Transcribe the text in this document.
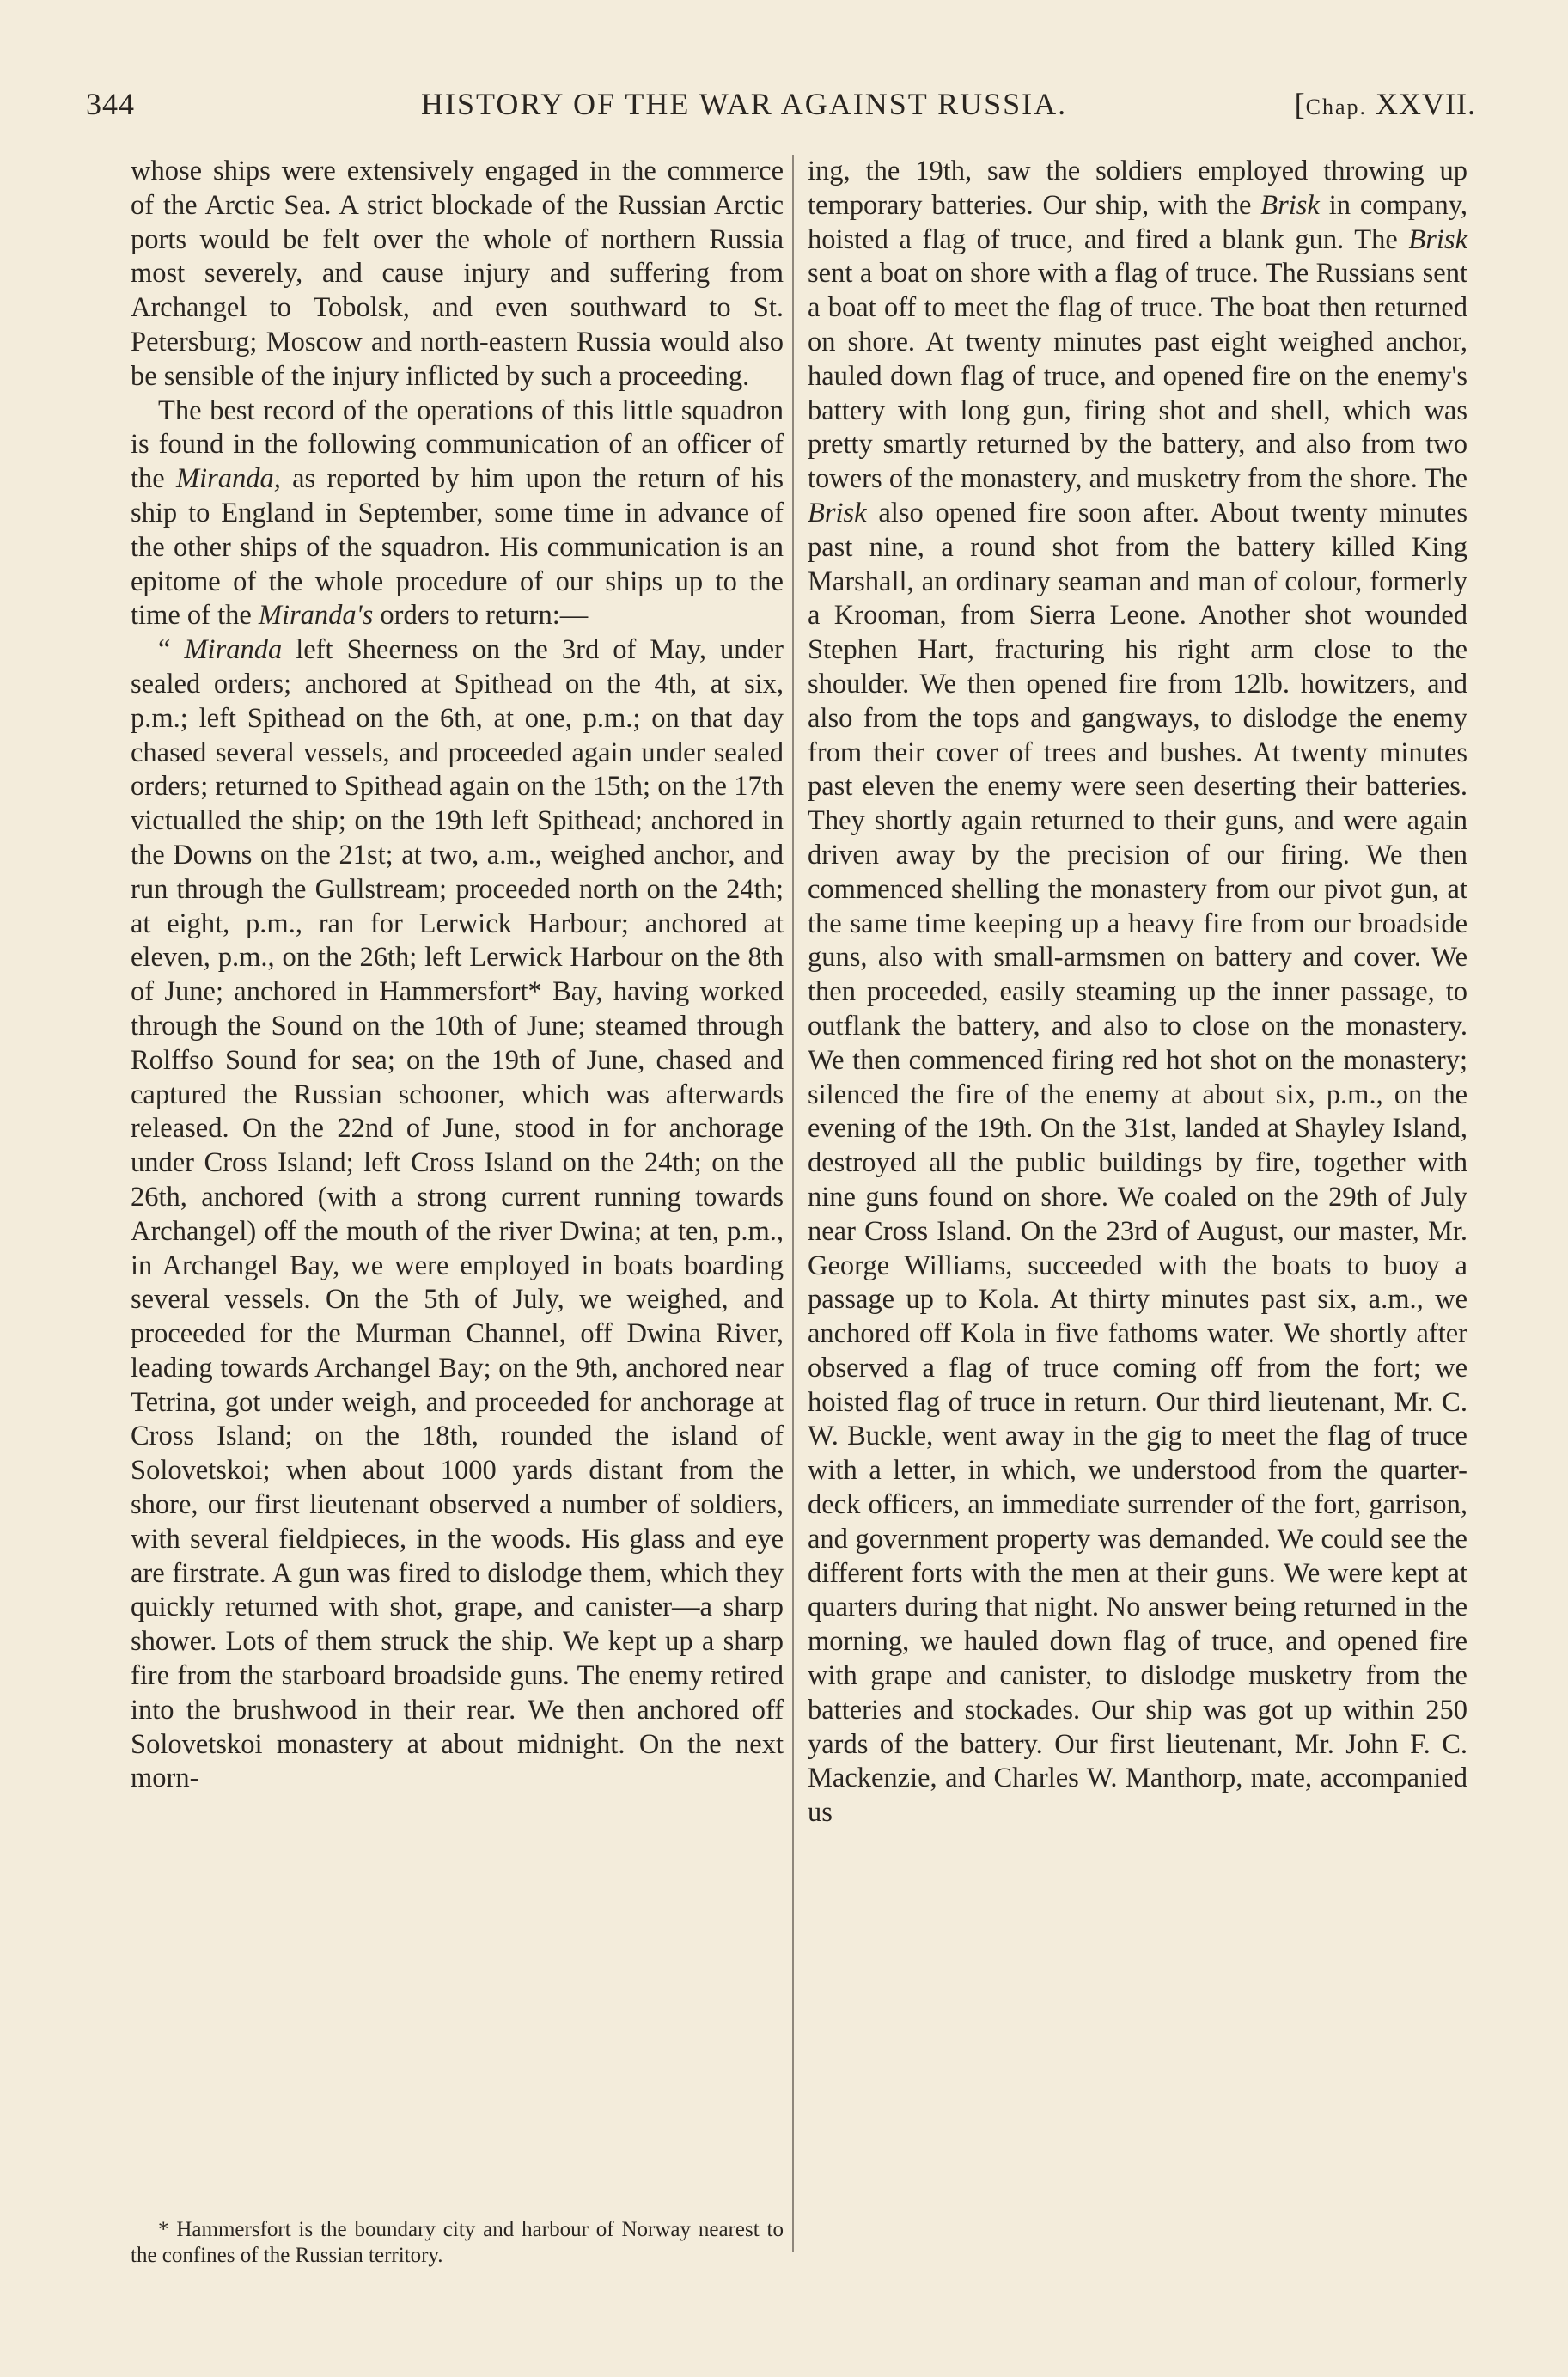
344	HISTORY OF THE WAR AGAINST RUSSIA.	[Chap. XXVII.

whose ships were extensively engaged in the commerce of the Arctic Sea. A strict blockade of the Russian Arctic ports would be felt over the whole of northern Russia most severely, and cause injury and suffering from Archangel to Tobolsk, and even southward to St. Petersburg; Moscow and north-eastern Russia would also be sensible of the injury inflicted by such a proceeding.

The best record of the operations of this little squadron is found in the following communication of an officer of the Miranda, as reported by him upon the return of his ship to England in September, some time in advance of the other ships of the squadron. His communication is an epitome of the whole procedure of our ships up to the time of the Miranda's orders to return:—

“ Miranda left Sheerness on the 3rd of May, under sealed orders; anchored at Spithead on the 4th, at six, p.m.; left Spithead on the 6th, at one, p.m.; on that day chased several vessels, and proceeded again under sealed orders; returned to Spithead again on the 15th; on the 17th victualled the ship; on the 19th left Spithead; anchored in the Downs on the 21st; at two, a.m., weighed anchor, and run through the Gullstream; proceeded north on the 24th; at eight, p.m., ran for Lerwick Harbour; anchored at eleven, p.m., on the 26th; left Lerwick Harbour on the 8th of June; anchored in Hammersfort* Bay, having worked through the Sound on the 10th of June; steamed through Rolffso Sound for sea; on the 19th of June, chased and captured the Russian schooner, which was afterwards released. On the 22nd of June, stood in for anchorage under Cross Island; left Cross Island on the 24th; on the 26th, anchored (with a strong current running towards Archangel) off the mouth of the river Dwina; at ten, p.m., in Archangel Bay, we were employed in boats boarding several vessels. On the 5th of July, we weighed, and proceeded for the Murman Channel, off Dwina River, leading towards Archangel Bay; on the 9th, anchored near Tetrina, got under weigh, and proceeded for anchorage at Cross Island; on the 18th, rounded the island of Solovetskoi; when about 1000 yards distant from the shore, our first lieutenant observed a number of soldiers, with several fieldpieces, in the woods. His glass and eye are firstrate. A gun was fired to dislodge them, which they quickly returned with shot, grape, and canister—a sharp shower. Lots of them struck the ship. We kept up a sharp fire from the starboard broadside guns. The enemy retired into the brushwood in their rear. We then anchored off Solovetskoi monastery at about midnight. On the next morn-

* Hammersfort is the boundary city and harbour of Norway nearest to the confines of the Russian territory.

ing, the 19th, saw the soldiers employed throwing up temporary batteries. Our ship, with the Brisk in company, hoisted a flag of truce, and fired a blank gun. The Brisk sent a boat on shore with a flag of truce. The Russians sent a boat off to meet the flag of truce. The boat then returned on shore. At twenty minutes past eight weighed anchor, hauled down flag of truce, and opened fire on the enemy's battery with long gun, firing shot and shell, which was pretty smartly returned by the battery, and also from two towers of the monastery, and musketry from the shore. The Brisk also opened fire soon after. About twenty minutes past nine, a round shot from the battery killed King Marshall, an ordinary seaman and man of colour, formerly a Krooman, from Sierra Leone. Another shot wounded Stephen Hart, fracturing his right arm close to the shoulder. We then opened fire from 12lb. howitzers, and also from the tops and gangways, to dislodge the enemy from their cover of trees and bushes. At twenty minutes past eleven the enemy were seen deserting their batteries. They shortly again returned to their guns, and were again driven away by the precision of our firing. We then commenced shelling the monastery from our pivot gun, at the same time keeping up a heavy fire from our broadside guns, also with small-armsmen on battery and cover. We then proceeded, easily steaming up the inner passage, to outflank the battery, and also to close on the monastery. We then commenced firing red hot shot on the monastery; silenced the fire of the enemy at about six, p.m., on the evening of the 19th. On the 31st, landed at Shayley Island, destroyed all the public buildings by fire, together with nine guns found on shore. We coaled on the 29th of July near Cross Island. On the 23rd of August, our master, Mr. George Williams, succeeded with the boats to buoy a passage up to Kola. At thirty minutes past six, a.m., we anchored off Kola in five fathoms water. We shortly after observed a flag of truce coming off from the fort; we hoisted flag of truce in return. Our third lieutenant, Mr. C. W. Buckle, went away in the gig to meet the flag of truce with a letter, in which, we understood from the quarter-deck officers, an immediate surrender of the fort, garrison, and government property was demanded. We could see the different forts with the men at their guns. We were kept at quarters during that night. No answer being returned in the morning, we hauled down flag of truce, and opened fire with grape and canister, to dislodge musketry from the batteries and stockades. Our ship was got up within 250 yards of the battery. Our first lieutenant, Mr. John F. C. Mackenzie, and Charles W. Manthorp, mate, accompanied us
